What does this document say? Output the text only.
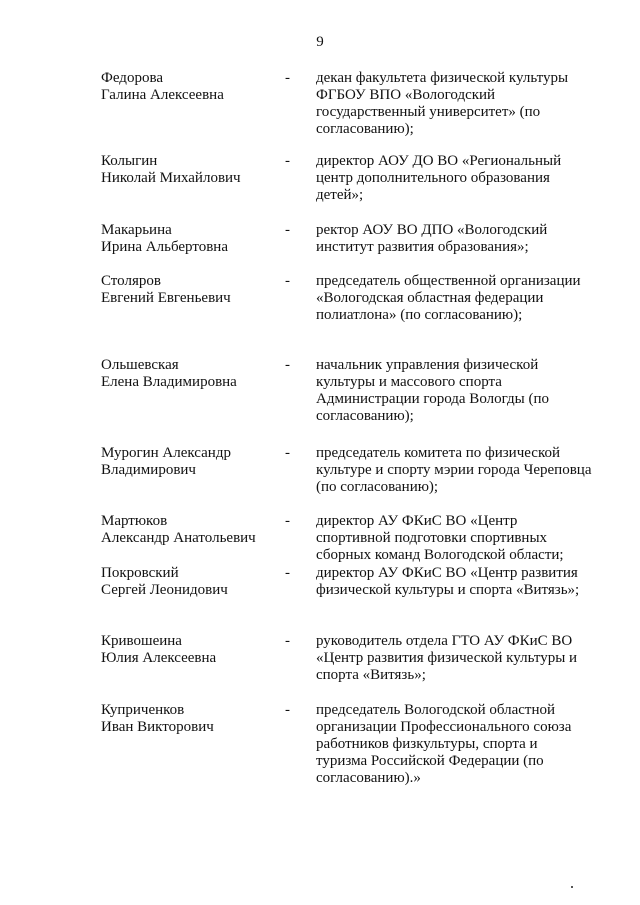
9
Федорова
Галина Алексеевна
- декан факультета физической культуры ФГБОУ ВПО «Вологодский государственный университет» (по согласованию);
Колыгин
Николай Михайлович
- директор АОУ ДО ВО «Региональный центр дополнительного образования детей»;
Макарьина
Ирина Альбертовна
- ректор АОУ ВО ДПО «Вологодский институт развития образования»;
Столяров
Евгений Евгеньевич
- председатель общественной организации «Вологодская областная федерации полиатлона» (по согласованию);
Ольшевская
Елена Владимировна
- начальник управления физической культуры и массового спорта Администрации города Вологды (по согласованию);
Мурогин Александр
Владимирович
- председатель комитета по физической культуре и спорту мэрии города Череповца (по согласованию);
Мартюков
Александр Анатольевич
- директор АУ ФКиС ВО «Центр спортивной подготовки спортивных сборных команд Вологодской области;
Покровский
Сергей Леонидович
- директор АУ ФКиС ВО «Центр развития физической культуры и спорта «Витязь»;
Кривошеина
Юлия Алексеевна
- руководитель отдела ГТО АУ ФКиС ВО «Центр развития физической культуры и спорта «Витязь»;
Куприченков
Иван Викторович
- председатель Вологодской областной организации Профессионального союза работников физкультуры, спорта и туризма Российской Федерации (по согласованию).»
